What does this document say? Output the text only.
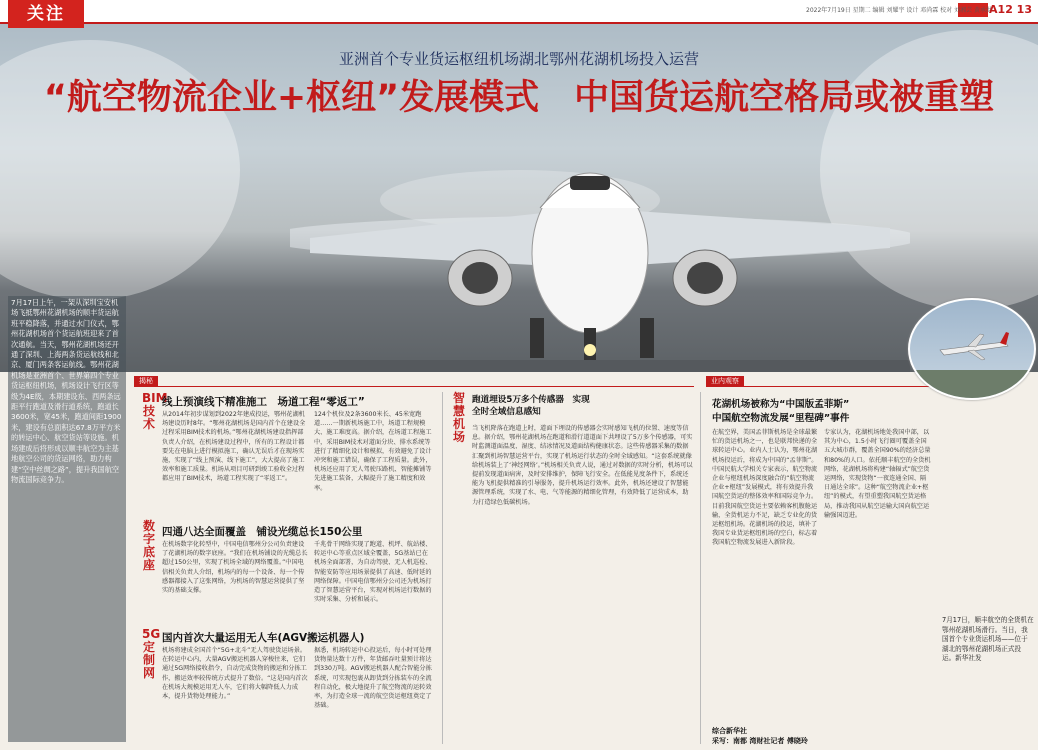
2022年7月19日 星期二 编辑 刘耀宇 设计 邓尚霖 校对 刘湘芸 黄承洪
A12 13
关注
亚洲首个专业货运枢纽机场湖北鄂州花湖机场投入运营
“航空物流企业+枢纽”发展模式　中国货运航空格局或被重塑
7月17日上午，一架从深圳宝安机场飞抵鄂州花湖机场的顺丰货运航班平稳降落，并通过水门仪式，鄂州花湖机场首个货运航班迎来了首次通航。当天，鄂州花湖机场还开通了深圳、上海两条货运航线和北京、厦门两条客运航线。鄂州花湖机场是亚洲首个、世界第四个专业货运枢纽机场，机场设计飞行区等级为4E级，本期建设东、西两条远距平行跑道及滑行道系统，跑道长3600米，宽45米，跑道间距1900米，建设有总面积达67.8万平方米的转运中心、航空货站等设施。机场建成后将形成以顺丰航空为主基地航空公司的货运网络，助力构建“空中丝绸之路”，提升我国航空物流国际竞争力。
揭秘	业内观察
BIM技术
线上预演线下精准施工　场道工程“零返工”
从2014年初步谋划到2022年建成投运，鄂州花湖机场建设历时8年。“鄂州花湖机场是国内首个在建设全过程采用BIM技术的机场。”鄂州花湖机场建设指挥部负责人介绍，在机场建设过程中，所有的工程设计都要先在电脑上进行模拟施工，确认无误后才在现场实施，实现了“线上预演、线下施工”，大大提高了施工效率和施工质量。机场从项目可研到竣工验收全过程都应用了BIM技术，场道工程实现了“零返工”。
124个机位及2条3600米长、45米宽跑道……一期新机场施工中，场道工程规模大、施工难度高。据介绍，在场道工程施工中，采用BIM技术对道面分块、排水系统等进行了精细化设计和模拟，有效避免了设计冲突和施工错误，确保了工程质量。此外，机场还应用了无人驾驶压路机、智能摊铺等先进施工装备，大幅提升了施工精度和效率。
数字底座
四通八达全面覆盖　铺设光缆总长150公里
在机场数字化转型中，中国电信鄂州分公司负责建设了花湖机场的数字底座。“我们在机场铺设的光缆总长超过150公里，实现了机场全域的网络覆盖。”中国电信相关负责人介绍，机场内的每一个设备、每一个传感器都接入了这张网络，为机场的智慧运营提供了坚实的基础支撑。
千兆骨干网络实现了跑道、机坪、航站楼、转运中心等重点区域全覆盖，5G基站已在机场全面部署，为自动驾驶、无人机巡检、智能安防等应用场景提供了高速、低时延的网络保障。中国电信鄂州分公司还为机场打造了智慧运营平台，实现对机场运行数据的实时采集、分析和展示。
5G定制网
国内首次大量运用无人车(AGV搬运机器人)
机场将建成全国首个“5G+北斗”无人驾驶货运场景。在转运中心内，大量AGV搬运机器人穿梭往来，它们通过5G网络接收指令，自动完成货物的搬运和分拣工作，搬运效率较传统方式提升了数倍。“这是国内首次在机场大规模运用无人车，它们将大幅降低人力成本，提升货物处理能力。”
据悉，机场转运中心投运后，每小时可处理货物量达数十万件，年货邮吞吐量预计将达到330万吨。AGV搬运机器人配合智能分拣系统，可实现包裹从卸货到分拣装车的全流程自动化，极大地提升了航空物流的运转效率，为打造全球一流的航空货运枢纽奠定了基础。
智慧机场
跑道埋设5万多个传感器　实现全时全域信息感知
当飞机降落在跑道上时，道面下埋设的传感器会实时感知飞机的位置、速度等信息。据介绍，鄂州花湖机场在跑道和滑行道道面下共埋设了5万多个传感器，可实时监测道面温度、湿度、结冰情况及道面结构健康状态。这些传感器采集的数据汇聚到机场智慧运营平台，实现了机场运行状态的全时全域感知。“这套系统就像给机场装上了‘神经网络’。”机场相关负责人说，通过对数据的实时分析，机场可以提前发现道面病害，及时安排维护，保障飞行安全。在低能见度条件下，系统还能为飞机提供精准的引导服务，提升机场运行效率。此外，机场还建设了智慧能源管理系统，实现了水、电、气等能源的精细化管理，有效降低了运营成本，助力打造绿色低碳机场。
花湖机场被称为“中国版孟菲斯”
中国航空物流发展“里程碑”事件
在航空界，美国孟菲斯机场是全球最繁忙的货运机场之一，也是联邦快递的全球转运中心。业内人士认为，鄂州花湖机场投运后，将成为中国的“孟菲斯”。中国民航大学相关专家表示，航空物流企业与枢纽机场深度融合的“航空物流企业+枢纽”发展模式，将有效提升我国航空货运的整体效率和国际竞争力。目前我国航空货运主要依赖客机腹舱运输，全货机运力不足，缺乏专业化的货运枢纽机场。花湖机场的投运，填补了我国专业货运枢纽机场的空白，标志着我国航空物流发展进入新阶段。
专家认为，花湖机场地处我国中部，以其为中心，1.5小时飞行圈可覆盖全国五大城市群，覆盖全国90%的经济总量和80%的人口。依托顺丰航空的全货机网络，花湖机场将构建“轴辐式”航空货运网络，实现货物“一夜连通全国、隔日通达全球”。这种“航空物流企业+枢纽”的模式，有望重塑我国航空货运格局，推动我国从航空运输大国向航空运输强国迈进。
综合新华社
采写：南都 湾财社记者 傅晓玲
7月17日，顺丰航空的全货机在鄂州花湖机场滑行。当日，我国首个专业货运机场——位于湖北的鄂州花湖机场正式投运。新华社发
